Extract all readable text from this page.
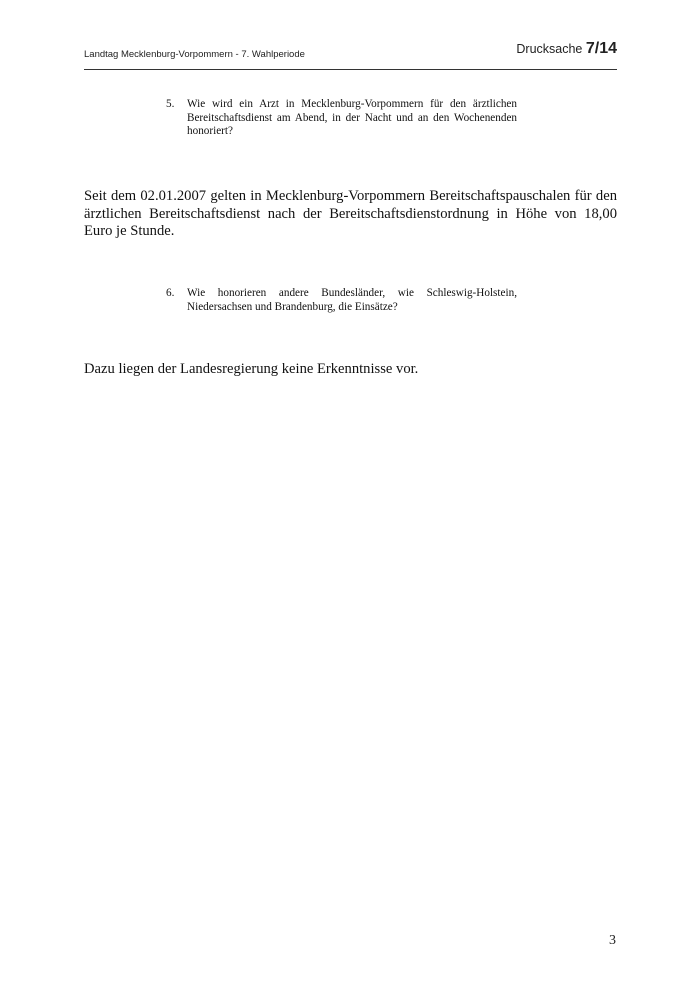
Landtag Mecklenburg-Vorpommern - 7. Wahlperiode	Drucksache 7/14
5. Wie wird ein Arzt in Mecklenburg-Vorpommern für den ärztlichen Bereitschaftsdienst am Abend, in der Nacht und an den Wochenenden honoriert?
Seit dem 02.01.2007 gelten in Mecklenburg-Vorpommern Bereitschaftspauschalen für den ärztlichen Bereitschaftsdienst nach der Bereitschaftsdienstordnung in Höhe von 18,00 Euro je Stunde.
6. Wie honorieren andere Bundesländer, wie Schleswig-Holstein, Niedersachsen und Brandenburg, die Einsätze?
Dazu liegen der Landesregierung keine Erkenntnisse vor.
3
